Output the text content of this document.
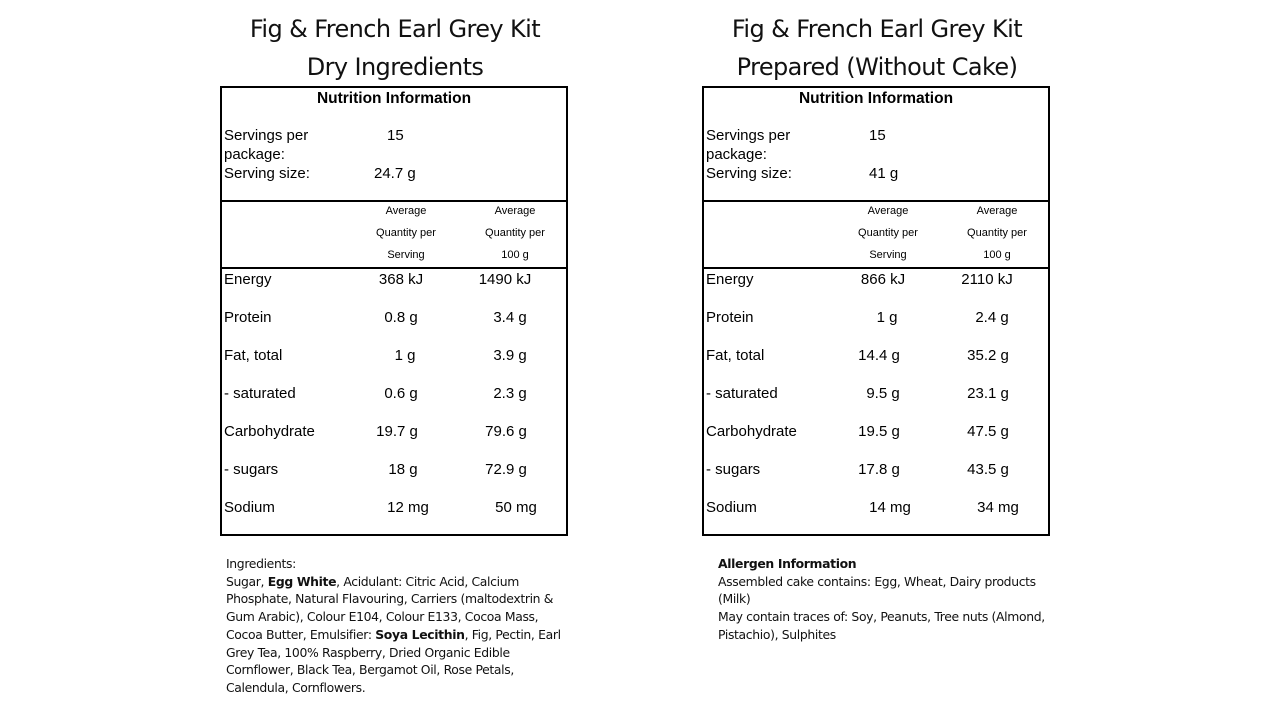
Fig & French Earl Grey Kit
Dry Ingredients
Nutrition Information
Servings per
package:
15
Serving size:	24.7 g
Average
Quantity per
Serving
Average
Quantity per
100 g
Energy	368 kJ	1490 kJ
Protein	0.8 g	3.4 g
Fat, total	1 g	3.9 g
- saturated	0.6 g	2.3 g
Carbohydrate	19.7 g	79.6 g
- sugars	18 g	72.9 g
Sodium	12 mg	50 mg
Ingredients:
Sugar, Egg White, Acidulant: Citric Acid, Calcium Phosphate, Natural Flavouring, Carriers (maltodextrin & Gum Arabic), Colour E104, Colour E133, Cocoa Mass, Cocoa Butter, Emulsifier: Soya Lecithin, Fig, Pectin, Earl Grey Tea, 100% Raspberry, Dried Organic Edible Cornflower, Black Tea, Bergamot Oil, Rose Petals, Calendula, Cornflowers.
Fig & French Earl Grey Kit
Prepared (Without Cake)
Nutrition Information
Servings per
package:
15
Serving size:	41 g
Average
Quantity per
Serving
Average
Quantity per
100 g
Energy	866 kJ	2110 kJ
Protein	1 g	2.4 g
Fat, total	14.4 g	35.2 g
- saturated	9.5 g	23.1 g
Carbohydrate	19.5 g	47.5 g
- sugars	17.8 g	43.5 g
Sodium	14 mg	34 mg
Allergen Information
Assembled cake contains: Egg, Wheat, Dairy products (Milk)
May contain traces of: Soy, Peanuts, Tree nuts (Almond, Pistachio), Sulphites
